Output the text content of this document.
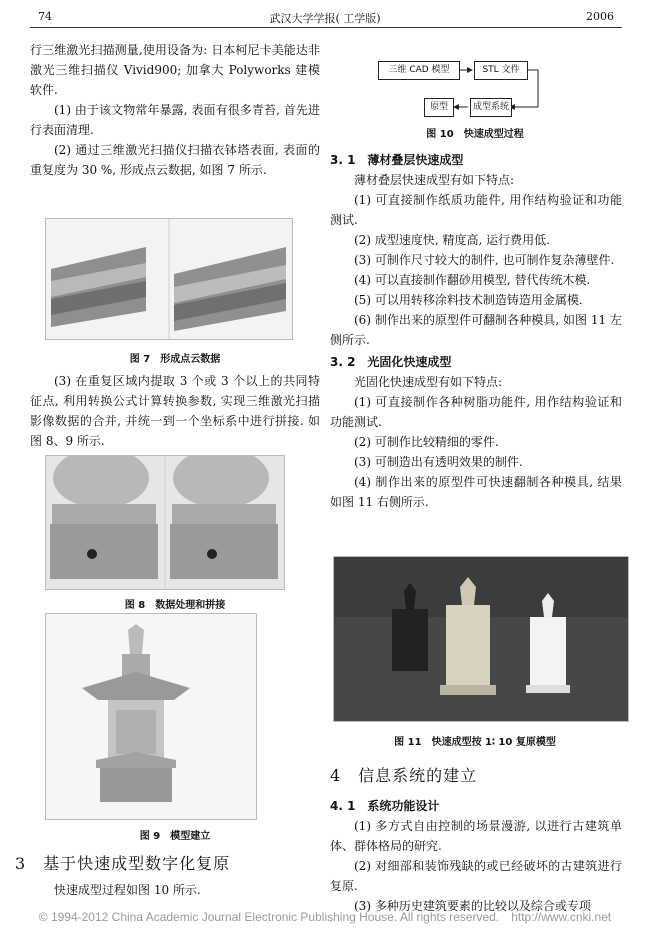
74	武汉大学学报( 工学版)	2006

行三维激光扫描测量,使用设备为: 日本柯尼卡美能达非激光三维扫描仪 Vivid900; 加拿大 Polyworks 建模软件.

(1) 由于该文物常年暴露, 表面有很多青苔, 首先进行表面清理.

(2) 通过三维激光扫描仪扫描衣钵塔表面, 表面的重复度为 30 %, 形成点云数据, 如图 7 所示.

图 7　形成点云数据

(3) 在重复区域内提取 3 个或 3 个以上的共同特征点, 利用转换公式计算转换参数, 实现三维激光扫描影像数据的合并, 并统一到一个坐标系中进行拼接. 如图 8、9 所示.

图 8　数据处理和拼接
图 9　模型建立
3　基于快速成型数字化复原

快速成型过程如图 10 所示.

三维 CAD 模型	STL 文件
原型	成型系统
图 10　快速成型过程

3. 1　薄材叠层快速成型

薄材叠层快速成型有如下特点:

(1) 可直接制作纸质功能件, 用作结构验证和功能测试.

(2) 成型速度快, 精度高, 运行费用低.

(3) 可制作尺寸较大的制件, 也可制作复杂薄壁件.

(4) 可以直接制作翻砂用模型, 替代传统木模.

(5) 可以用转移涂料技术制造铸造用金属模.

(6) 制作出来的原型件可翻制各种模具, 如图 11 左侧所示.

3. 2　光固化快速成型

光固化快速成型有如下特点:

(1) 可直接制作各种树脂功能件, 用作结构验证和功能测试.

(2) 可制作比较精细的零件.

(3) 可制造出有透明效果的制件.

(4) 制作出来的原型件可快速翻制各种模具, 结果如图 11 右侧所示.

图 11　快速成型按 1∶ 10 复原模型
4　信息系统的建立

4. 1　系统功能设计

(1) 多方式自由控制的场景漫游, 以进行古建筑单体、群体格局的研究.

(2) 对细部和装饰残缺的或已经破坏的古建筑进行复原.

(3) 多种历史建筑要素的比较以及综合或专项

© 1994-2012 China Academic Journal Electronic Publishing House. All rights reserved.　http://www.cnki.net
